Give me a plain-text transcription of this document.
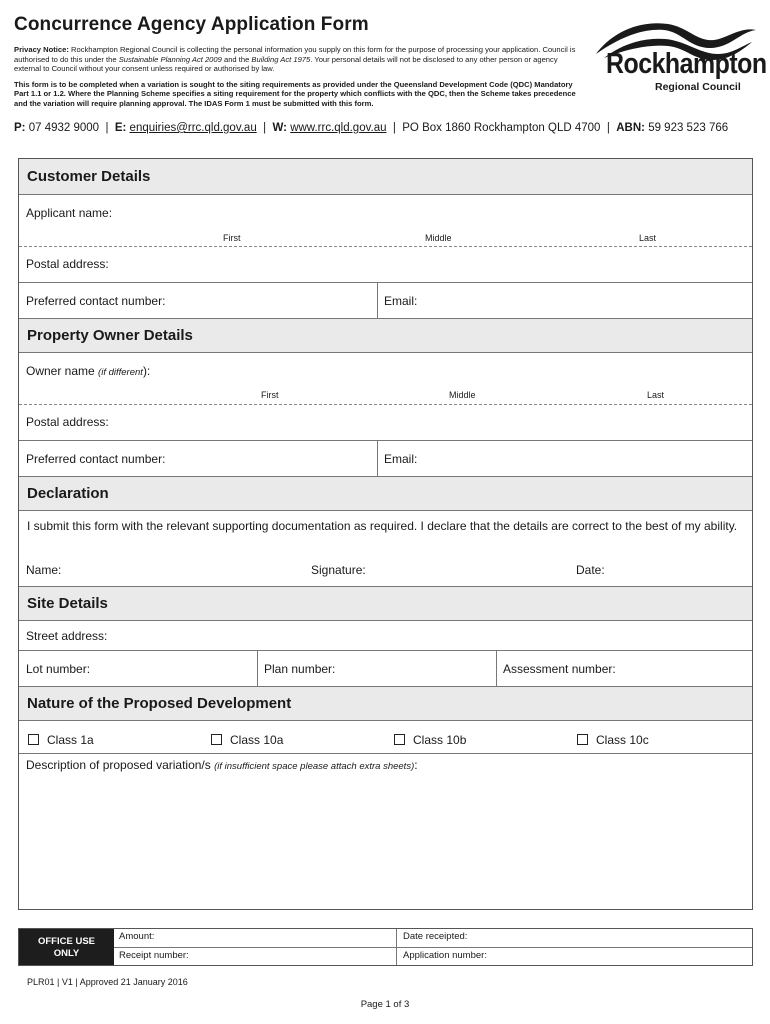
Concurrence Agency Application Form
Privacy Notice: Rockhampton Regional Council is collecting the personal information you supply on this form for the purpose of processing your application. Council is authorised to do this under the Sustainable Planning Act 2009 and the Building Act 1975. Your personal details will not be disclosed to any other person or agency external to Council without your consent unless required or authorised by law.
This form is to be completed when a variation is sought to the siting requirements as provided under the Queensland Development Code (QDC) Mandatory Part 1.1 or 1.2. Where the Planning Scheme specifies a siting requirement for the property which conflicts with the QDC, then the Scheme takes precedence and the variation will require planning approval. The IDAS Form 1 must be submitted with this form.
Rockhampton
Regional Council
P: 07 4932 9000 | E: enquiries@rrc.qld.gov.au | W: www.rrc.qld.gov.au | PO Box 1860 Rockhampton QLD 4700 | ABN: 59 923 523 766
Customer Details
Applicant name:
First	Middle	Last
Postal address:
Preferred contact number:	Email:
Property Owner Details
Owner name (if different):
First	Middle	Last
Postal address:
Preferred contact number:	Email:
Declaration
I submit this form with the relevant supporting documentation as required. I declare that the details are correct to the best of my ability.
Name:	Signature:	Date:
Site Details
Street address:
Lot number:	Plan number:	Assessment number:
Nature of the Proposed Development
Class 1a	Class 10a	Class 10b	Class 10c
Description of proposed variation/s (if insufficient space please attach extra sheets):
OFFICE USE
ONLY
Amount:	Date receipted:
Receipt number:	Application number:
PLR01 | V1 | Approved 21 January 2016
Page 1 of 3
